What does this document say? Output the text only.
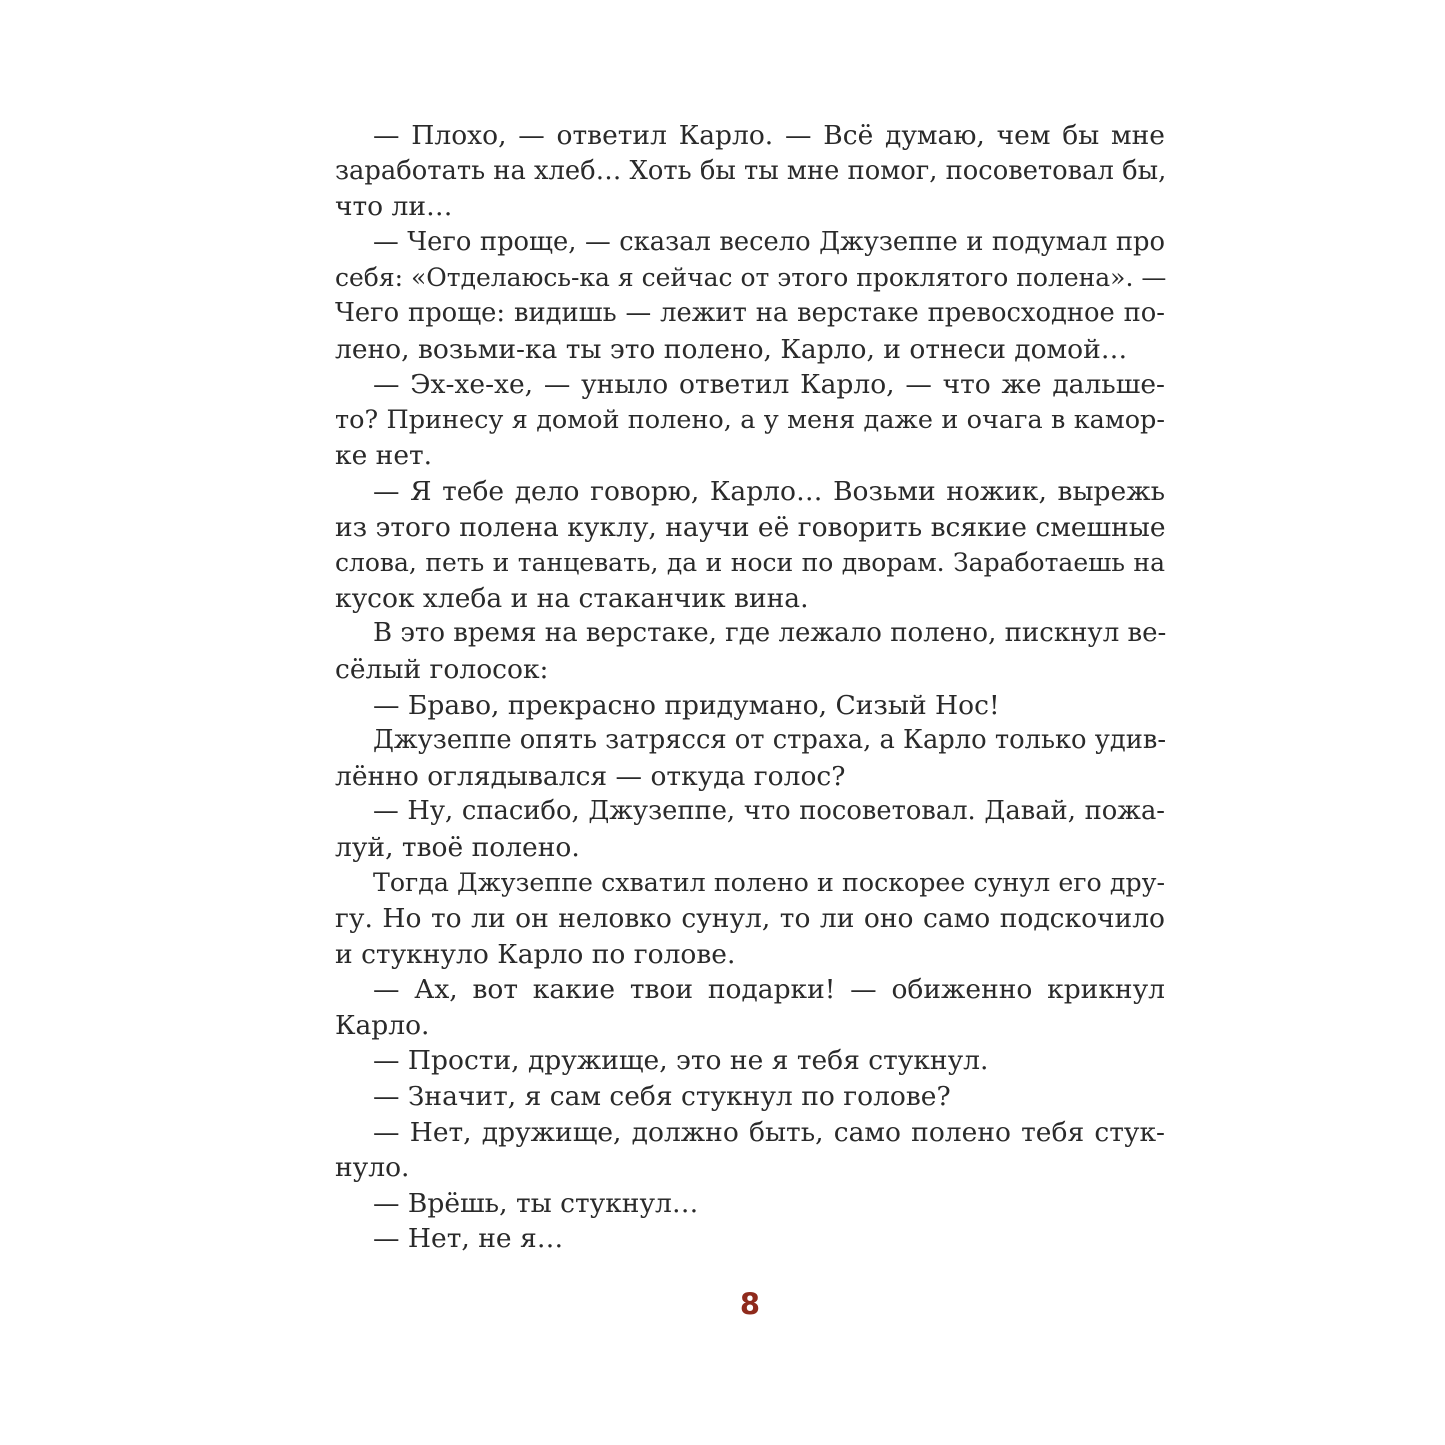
— Плохо, — ответил Карло. — Всё думаю, чем бы мне
заработать на хлеб… Хоть бы ты мне помог, посоветовал бы,
что ли…
— Чего проще, — сказал весело Джузеппе и подумал про
себя: «Отделаюсь-ка я сейчас от этого проклятого полена». —
Чего проще: видишь — лежит на верстаке превосходное по-
лено, возьми-ка ты это полено, Карло, и отнеси домой…
— Эх-хе-хе, — уныло ответил Карло, — что же дальше-
то? Принесу я домой полено, а у меня даже и очага в камор-
ке нет.
— Я тебе дело говорю, Карло… Возьми ножик, вырежь
из этого полена куклу, научи её говорить всякие смешные
слова, петь и танцевать, да и носи по дворам. Заработаешь на
кусок хлеба и на стаканчик вина.
В это время на верстаке, где лежало полено, пискнул ве-
сёлый голосок:
— Браво, прекрасно придумано, Сизый Нос!
Джузеппе опять затрясся от страха, а Карло только удив-
лённо оглядывался — откуда голос?
— Ну, спасибо, Джузеппе, что посоветовал. Давай, пожа-
луй, твоё полено.
Тогда Джузеппе схватил полено и поскорее сунул его дру-
гу. Но то ли он неловко сунул, то ли оно само подскочило
и стукнуло Карло по голове.
— Ах, вот какие твои подарки! — обиженно крикнул
Карло.
— Прости, дружище, это не я тебя стукнул.
— Значит, я сам себя стукнул по голове?
— Нет, дружище, должно быть, само полено тебя стук-
нуло.
— Врёшь, ты стукнул…
— Нет, не я…
8
